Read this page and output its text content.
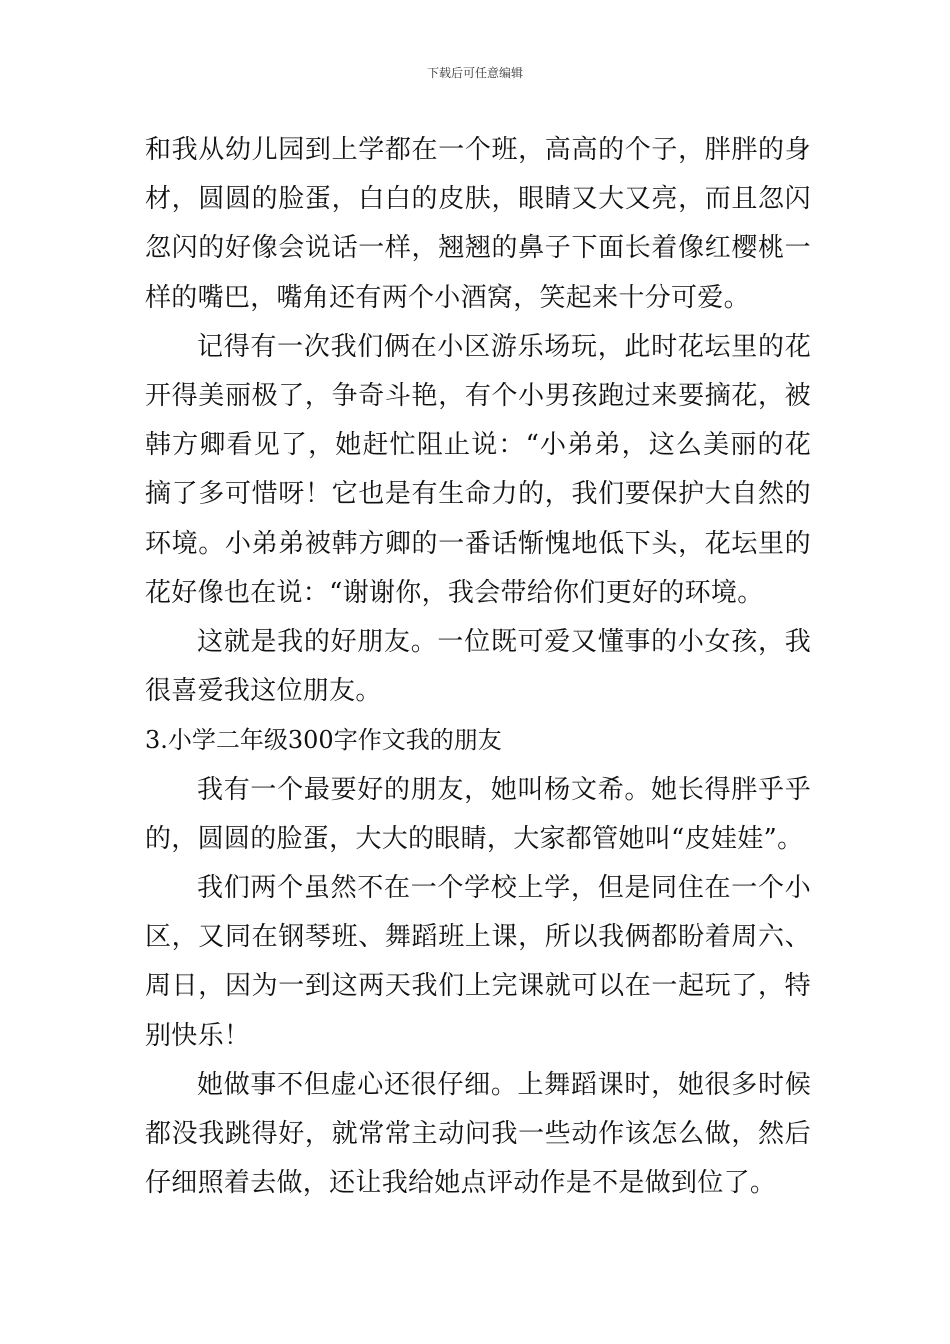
下载后可任意编辑

和我从幼儿园到上学都在一个班，高高的个子，胖胖的身材，圆圆的脸蛋，白白的皮肤，眼睛又大又亮，而且忽闪忽闪的好像会说话一样，翘翘的鼻子下面长着像红樱桃一样的嘴巴，嘴角还有两个小酒窝，笑起来十分可爱。

记得有一次我们俩在小区游乐场玩，此时花坛里的花开得美丽极了，争奇斗艳，有个小男孩跑过来要摘花，被韩方卿看见了，她赶忙阻止说：“小弟弟，这么美丽的花摘了多可惜呀！它也是有生命力的，我们要保护大自然的环境。小弟弟被韩方卿的一番话惭愧地低下头，花坛里的花好像也在说：“谢谢你，我会带给你们更好的环境。

这就是我的好朋友。一位既可爱又懂事的小女孩，我很喜爱我这位朋友。

3.小学二年级300字作文我的朋友

我有一个最要好的朋友，她叫杨文希。她长得胖乎乎的，圆圆的脸蛋，大大的眼睛，大家都管她叫“皮娃娃”。

我们两个虽然不在一个学校上学，但是同住在一个小区，又同在钢琴班、舞蹈班上课，所以我俩都盼着周六、周日，因为一到这两天我们上完课就可以在一起玩了，特别快乐！

她做事不但虚心还很仔细。上舞蹈课时，她很多时候都没我跳得好，就常常主动问我一些动作该怎么做，然后仔细照着去做，还让我给她点评动作是不是做到位了。
